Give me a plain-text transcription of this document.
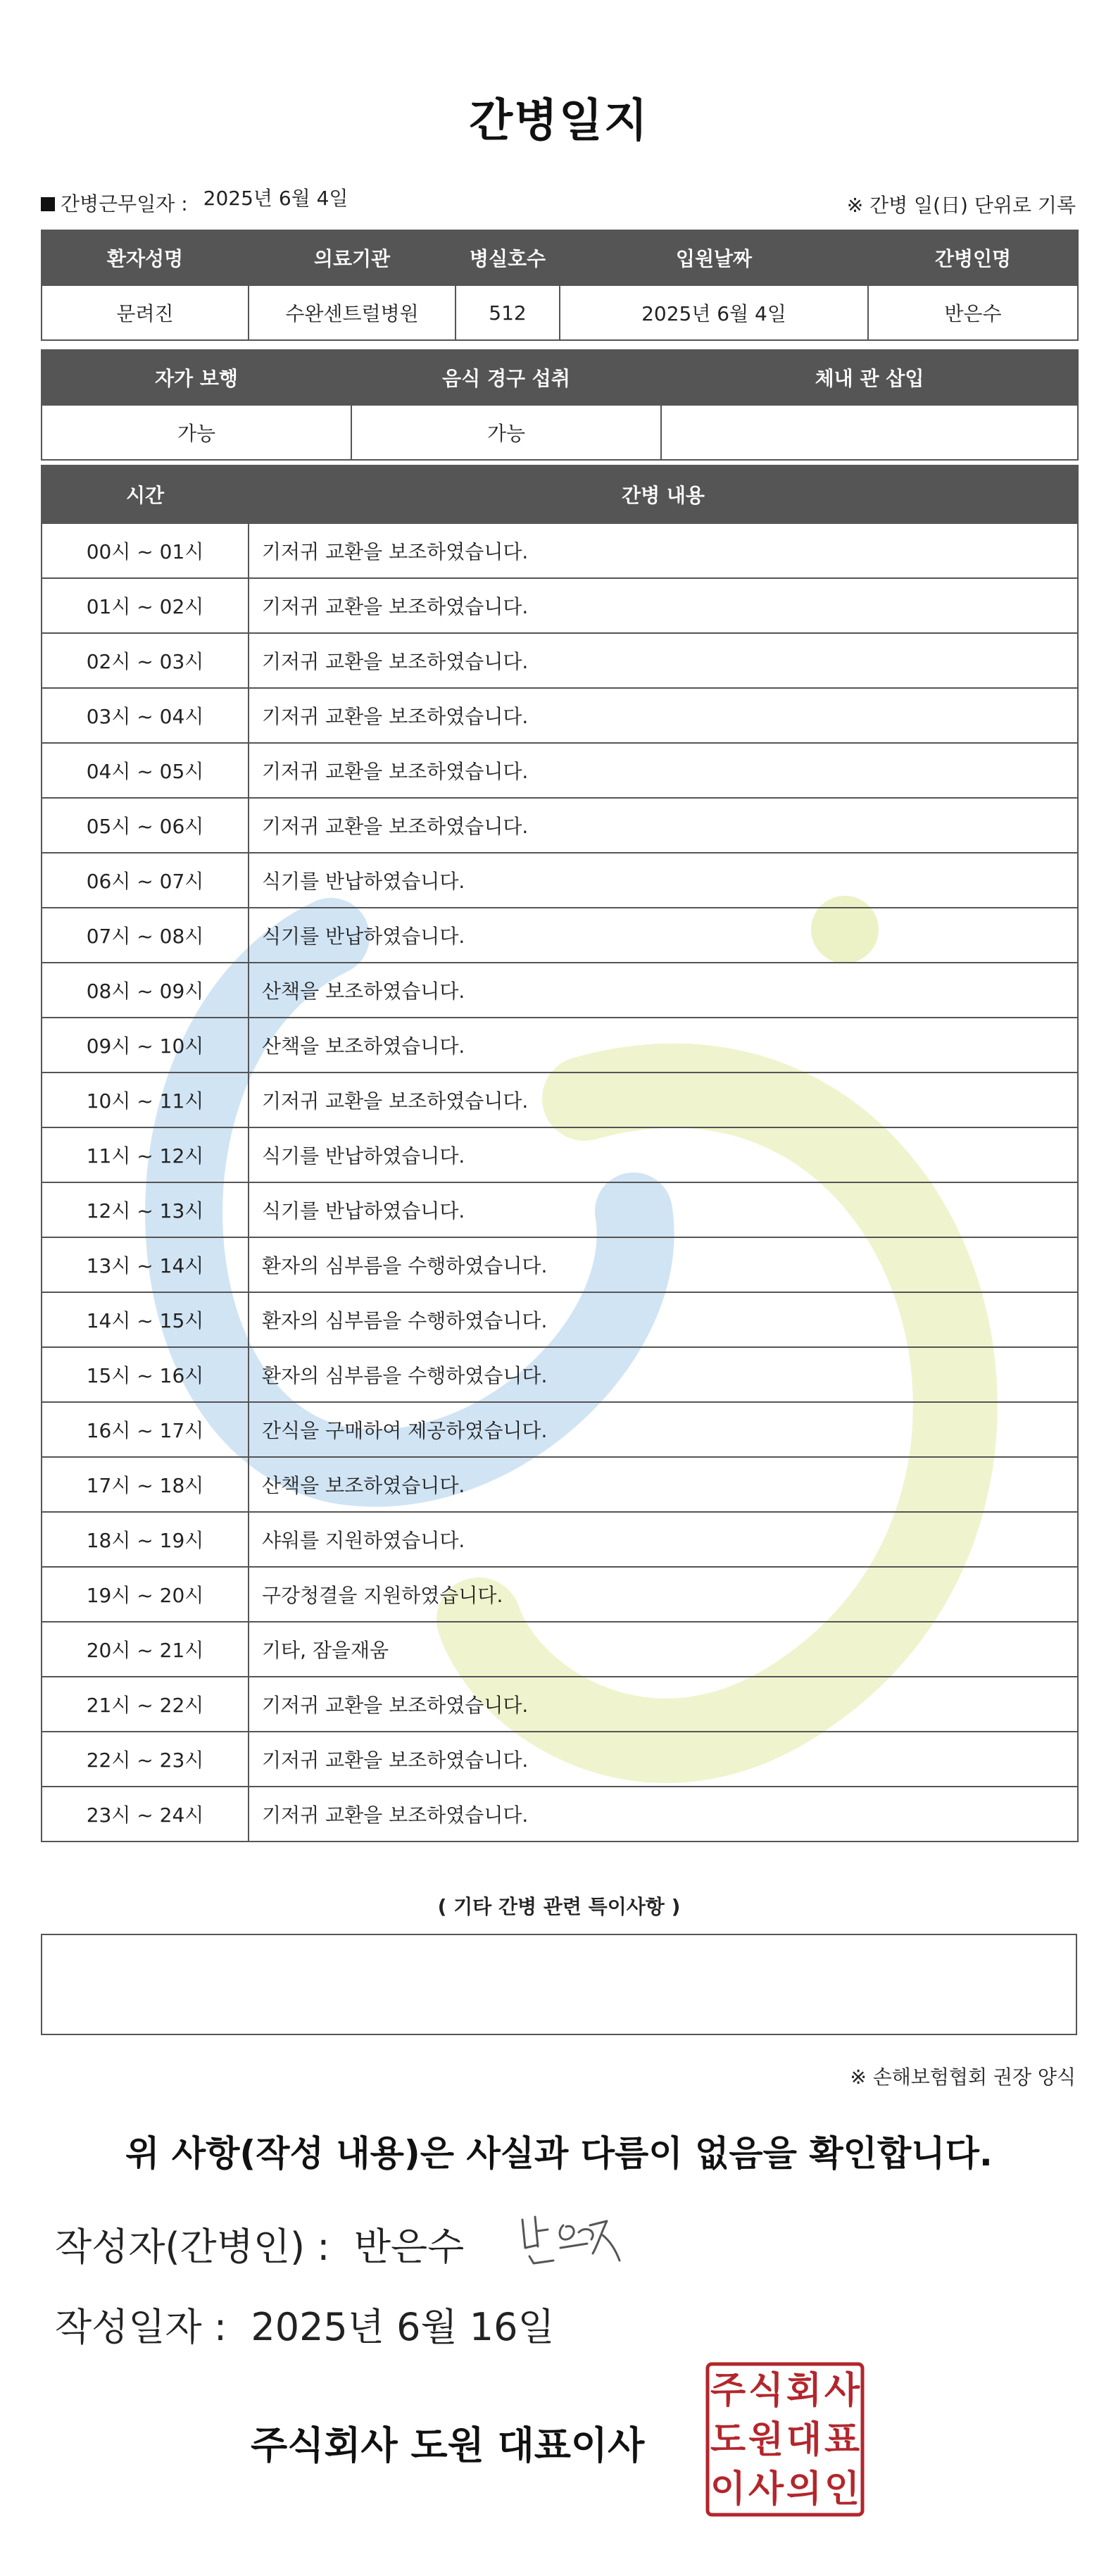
간병일지
간병근무일자 : 2025년 6월 4일	※ 간병 일(日) 단위로 기록
환자성명	의료기관	병실호수	입원날짜	간병인명
문려진	수완센트럴병원	512	2025년 6월 4일	반은수
자가 보행	음식 경구 섭취	체내 관 삽입
가능	가능	
시간	간병 내용
00시 ~ 01시	기저귀 교환을 보조하였습니다.
01시 ~ 02시	기저귀 교환을 보조하였습니다.
02시 ~ 03시	기저귀 교환을 보조하였습니다.
03시 ~ 04시	기저귀 교환을 보조하였습니다.
04시 ~ 05시	기저귀 교환을 보조하였습니다.
05시 ~ 06시	기저귀 교환을 보조하였습니다.
06시 ~ 07시	식기를 반납하였습니다.
07시 ~ 08시	식기를 반납하였습니다.
08시 ~ 09시	산책을 보조하였습니다.
09시 ~ 10시	산책을 보조하였습니다.
10시 ~ 11시	기저귀 교환을 보조하였습니다.
11시 ~ 12시	식기를 반납하였습니다.
12시 ~ 13시	식기를 반납하였습니다.
13시 ~ 14시	환자의 심부름을 수행하였습니다.
14시 ~ 15시	환자의 심부름을 수행하였습니다.
15시 ~ 16시	환자의 심부름을 수행하였습니다.
16시 ~ 17시	간식을 구매하여 제공하였습니다.
17시 ~ 18시	산책을 보조하였습니다.
18시 ~ 19시	샤워를 지원하였습니다.
19시 ~ 20시	구강청결을 지원하였습니다.
20시 ~ 21시	기타, 잠을재움
21시 ~ 22시	기저귀 교환을 보조하였습니다.
22시 ~ 23시	기저귀 교환을 보조하였습니다.
23시 ~ 24시	기저귀 교환을 보조하였습니다.
( 기타 간병 관련 특이사항 )
※ 손해보험협회 권장 양식
위 사항(작성 내용)은 사실과 다름이 없음을 확인합니다.
작성자(간병인) : 반은수
작성일자 : 2025년 6월 16일
주식회사 도원 대표이사
주 식 회 사
도 원 대 표
이 사 의 인
